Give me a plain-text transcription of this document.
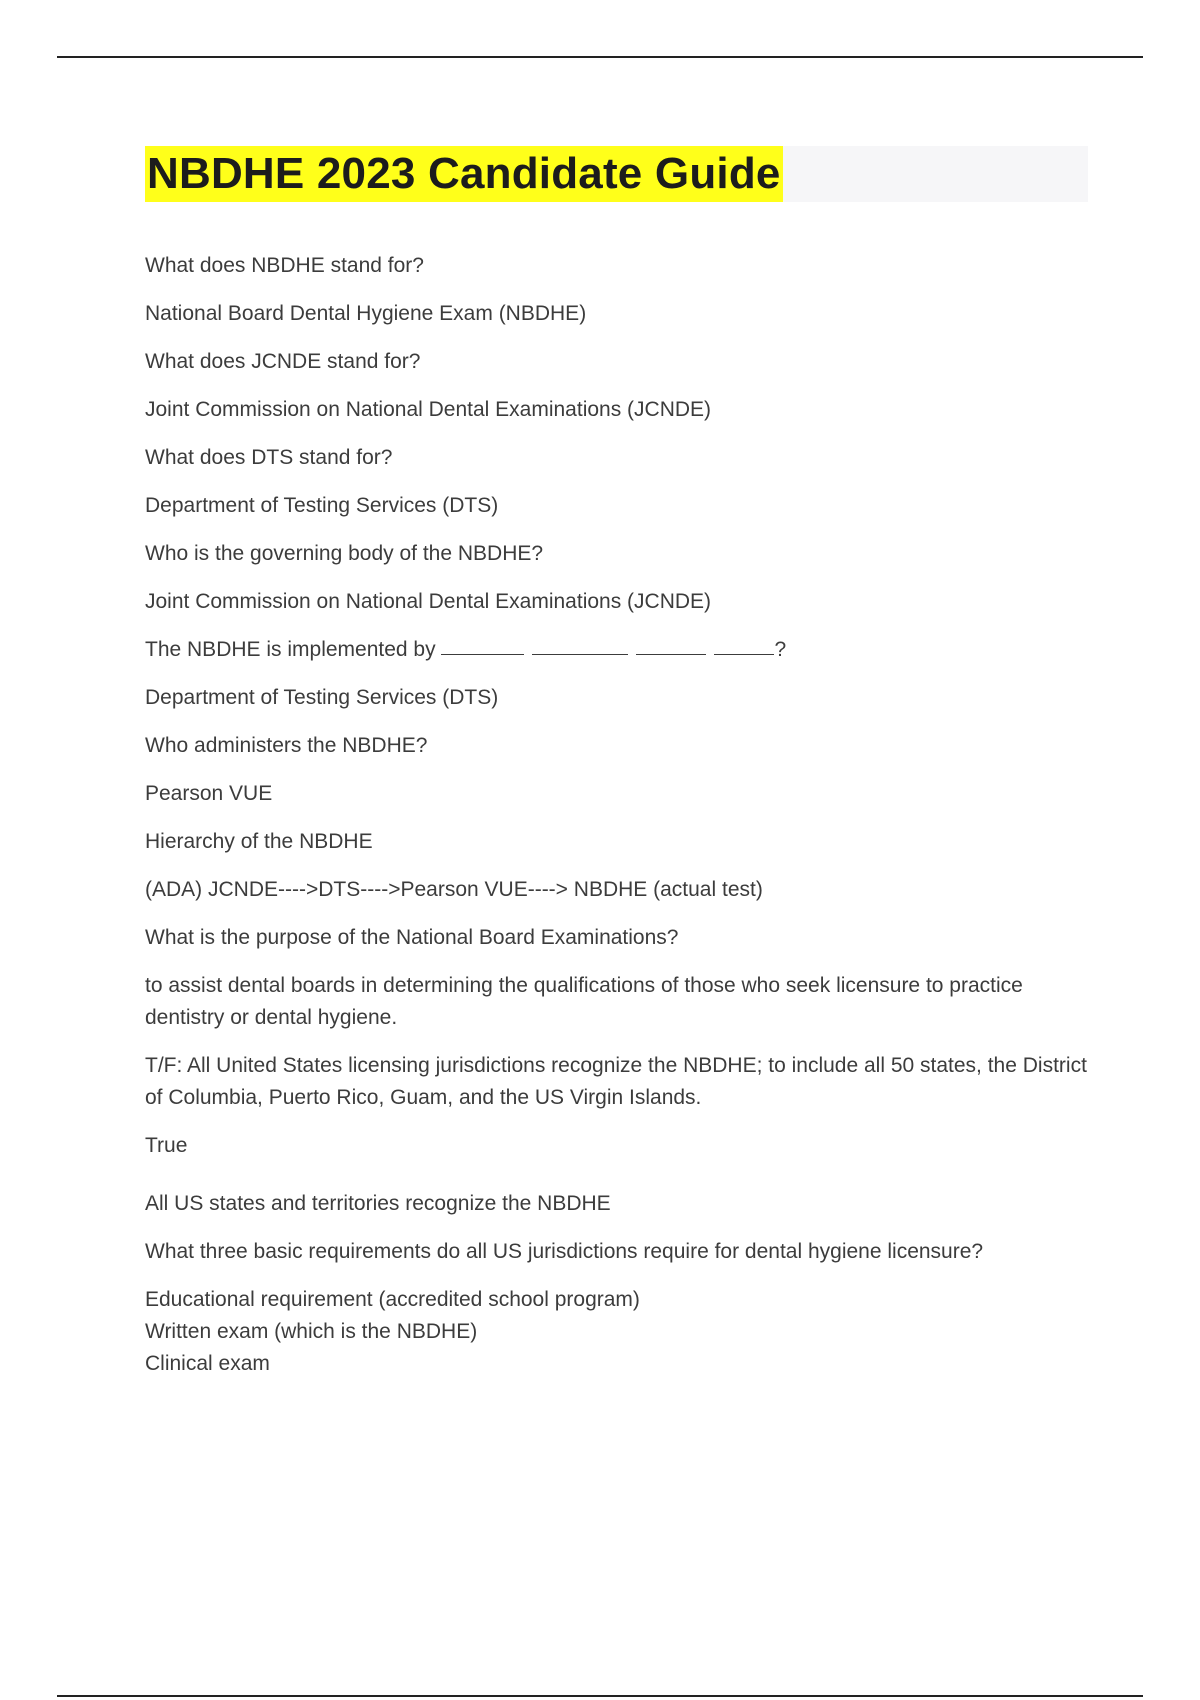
NBDHE 2023 Candidate Guide

What does NBDHE stand for?

National Board Dental Hygiene Exam (NBDHE)

What does JCNDE stand for?

Joint Commission on National Dental Examinations (JCNDE)

What does DTS stand for?

Department of Testing Services (DTS)

Who is the governing body of the NBDHE?

Joint Commission on National Dental Examinations (JCNDE)

The NBDHE is implemented by	?

Department of Testing Services (DTS)

Who administers the NBDHE?

Pearson VUE

Hierarchy of the NBDHE

(ADA) JCNDE---->DTS---->Pearson VUE----> NBDHE (actual test)

What is the purpose of the National Board Examinations?

to assist dental boards in determining the qualifications of those who seek licensure to practice dentistry or dental hygiene.

T/F: All United States licensing jurisdictions recognize the NBDHE; to include all 50 states, the District of Columbia, Puerto Rico, Guam, and the US Virgin Islands.

True

All US states and territories recognize the NBDHE

What three basic requirements do all US jurisdictions require for dental hygiene licensure?

Educational requirement (accredited school program)
Written exam (which is the NBDHE)
Clinical exam
